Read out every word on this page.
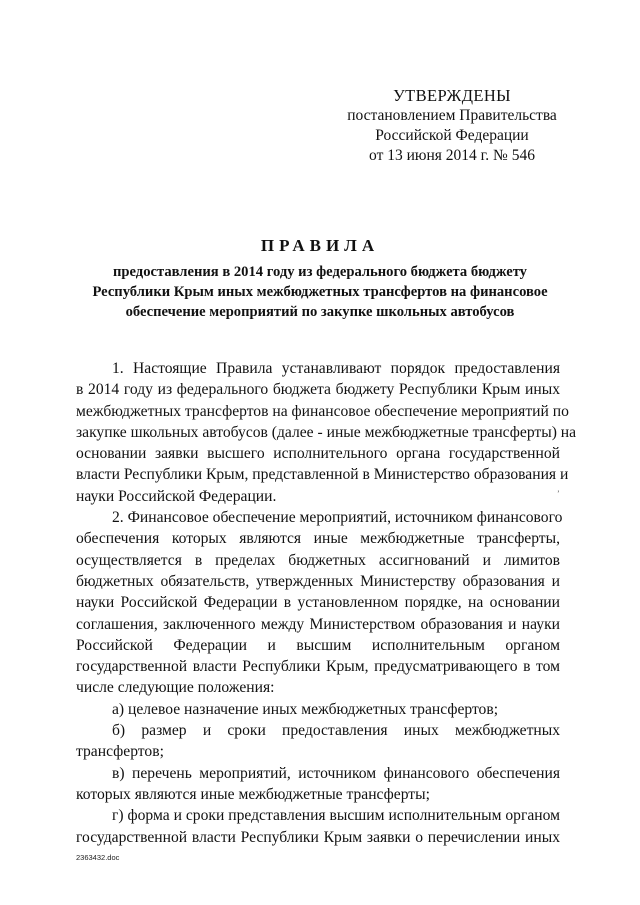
УТВЕРЖДЕНЫ
постановлением Правительства
Российской Федерации
от 13 июня 2014 г. № 546
ПРАВИЛА
предоставления в 2014 году из федерального бюджета бюджету
Республики Крым иных межбюджетных трансфертов на финансовое
обеспечение мероприятий по закупке школьных автобусов
ʼ
1. Настоящие Правила устанавливают порядок предоставления
в 2014 году из федерального бюджета бюджету Республики Крым иных
межбюджетных трансфертов на финансовое обеспечение мероприятий по
закупке школьных автобусов (далее - иные межбюджетные трансферты) на
основании заявки высшего исполнительного органа государственной
власти Республики Крым, представленной в Министерство образования и
науки Российской Федерации.
2. Финансовое обеспечение мероприятий, источником финансового
обеспечения которых являются иные межбюджетные трансферты,
осуществляется в пределах бюджетных ассигнований и лимитов
бюджетных обязательств, утвержденных Министерству образования и
науки Российской Федерации в установленном порядке, на основании
соглашения, заключенного между Министерством образования и науки
Российской Федерации и высшим исполнительным органом
государственной власти Республики Крым, предусматривающего в том
числе следующие положения:
а) целевое назначение иных межбюджетных трансфертов;
б) размер и сроки предоставления иных межбюджетных
трансфертов;
в) перечень мероприятий, источником финансового обеспечения
которых являются иные межбюджетные трансферты;
г) форма и сроки представления высшим исполнительным органом
государственной власти Республики Крым заявки о перечислении иных
2363432.doc
